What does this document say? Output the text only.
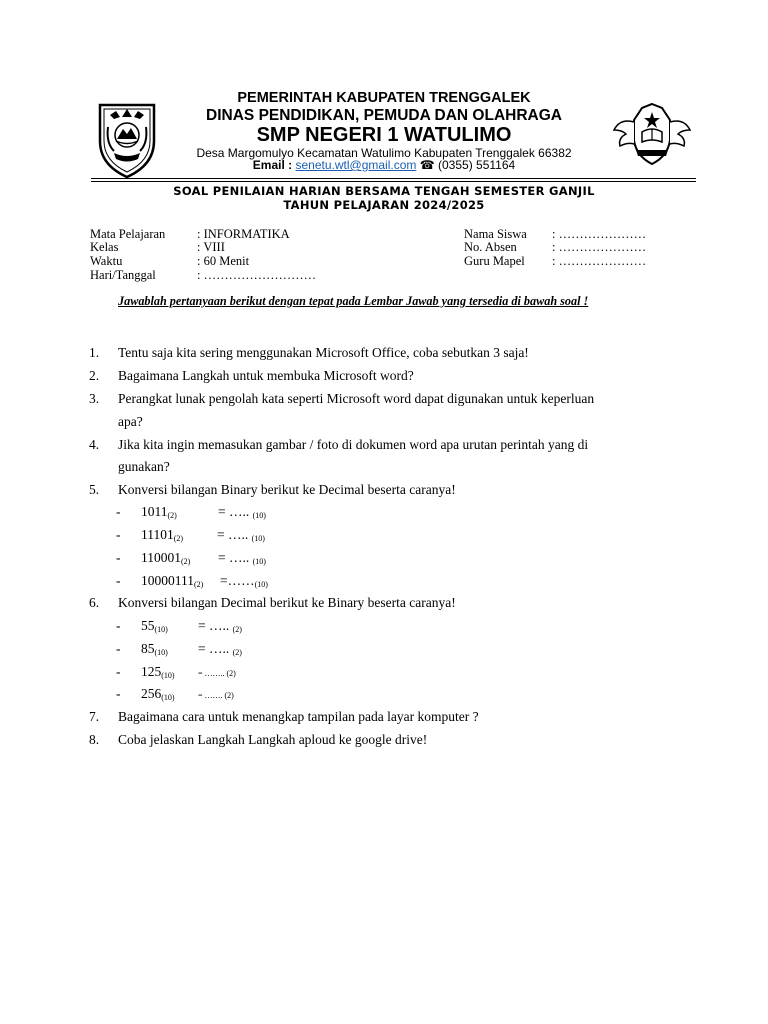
PEMERINTAH KABUPATEN TRENGGALEK
DINAS PENDIDIKAN, PEMUDA DAN OLAHRAGA
SMP NEGERI 1 WATULIMO
Desa Margomulyo Kecamatan Watulimo Kabupaten Trenggalek 66382
Email : senetu.wtl@gmail.com ☎ (0355) 551164
SOAL PENILAIAN HARIAN BERSAMA TENGAH SEMESTER GANJIL
TAHUN PELAJARAN 2024/2025
Mata Pelajaran	: INFORMATIKA
Kelas	: VIII
Waktu	: 60 Menit
Hari/Tanggal	: ………………………
Nama Siswa : …………………
No. Absen	: …………………
Guru Mapel : …………………
Jawablah pertanyaan berikut dengan tepat pada Lembar Jawab yang tersedia di bawah soal !
1. Tentu saja kita sering menggunakan Microsoft Office, coba sebutkan 3 saja!
2. Bagaimana Langkah untuk membuka Microsoft word?
3. Perangkat lunak pengolah kata seperti Microsoft word dapat digunakan untuk keperluan
apa?
4. Jika kita ingin memasukan gambar / foto di dokumen word apa urutan perintah yang di
gunakan?
5. Konversi bilangan Binary berikut ke Decimal beserta caranya!
- 1011(2)	= ….. (10)
- 11101(2)	= ….. (10)
- 110001(2) = ….. (10)
- 10000111(2) =……(10)
6. Konversi bilangan Decimal berikut ke Binary beserta caranya!
- 55(10) = ….. (2)
- 85(10) = ….. (2)
- 125(10)	= …….. (2)
- 256(10)	= ……. (2)
7. Bagaimana cara untuk menangkap tampilan pada layar komputer ?
8. Coba jelaskan Langkah Langkah aploud ke google drive!
